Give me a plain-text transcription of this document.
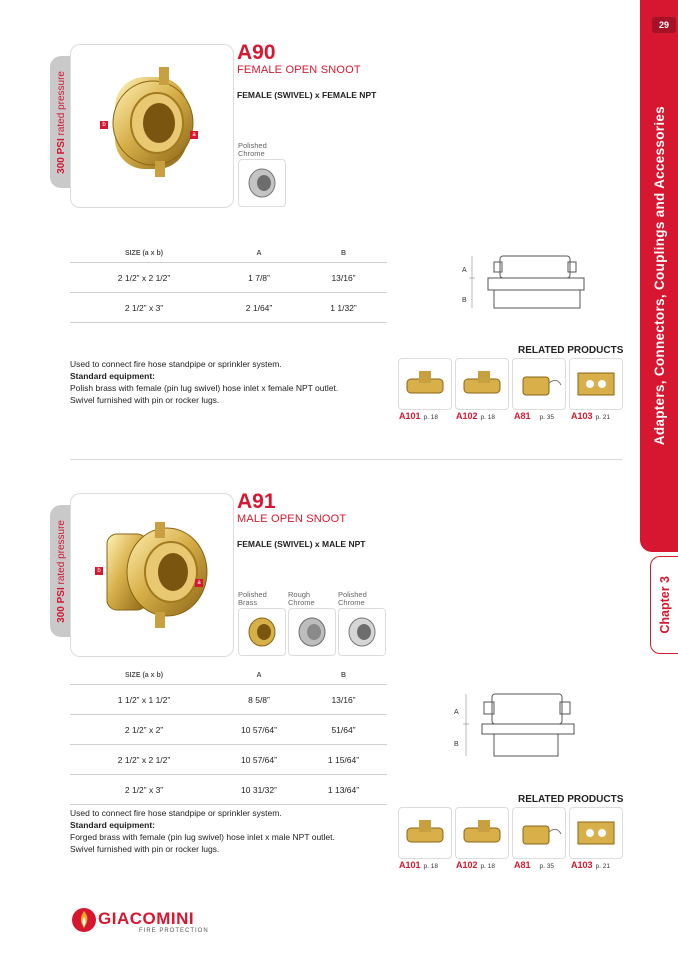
29
Adapters, Connectors, Couplings and Accessories
Chapter 3
300 PSI rated pressure	b
a
A90
FEMALE OPEN SNOOT
FEMALE (SWIVEL) x FEMALE NPT
Polished Chrome
SIZE (a x b)	A	B
2 1/2” x 2 1/2”	1 7/8”	13/16”
2 1/2” x 3”	2 1/64”	1 1/32”
A
B
Used to connect fire hose standpipe or sprinkler system.
Standard equipment:
Polish brass with female (pin lug swivel) hose inlet x female NPT outlet.
Swivel furnished with pin or rocker lugs.
RELATED PRODUCTS
A101 p. 18 A102 p. 18 A81 p. 35 A103 p. 21
300 PSI rated pressure	b
a
A91
MALE OPEN SNOOT
FEMALE (SWIVEL) x MALE NPT
Polished Brass
Rough Chrome
Polished Chrome
SIZE (a x b)	A	B
1 1/2” x 1 1/2”	8 5/8”	13/16”
2 1/2” x 2”	10 57/64”	51/64”
2 1/2” x 2 1/2”	10 57/64”	1 15/64”
2 1/2” x 3”	10 31/32”	1 13/64”
A
B
Used to connect fire hose standpipe or sprinkler system.
Standard equipment:
Forged brass with female (pin lug swivel) hose inlet x male NPT outlet.
Swivel furnished with pin or rocker lugs.
RELATED PRODUCTS
A101 p. 18 A102 p. 18 A81 p. 35 A103 p. 21
GIACOMINI
FIRE PROTECTION
